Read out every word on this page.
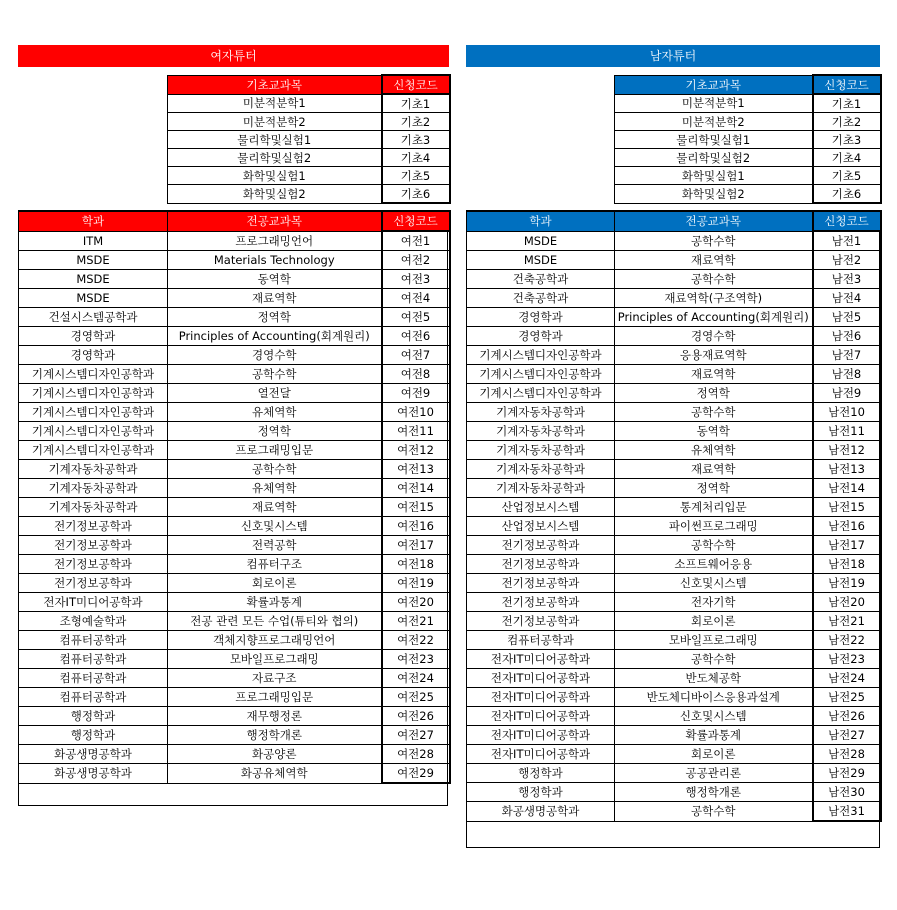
여자튜터	남자튜터
기초교과목	신청코드
미분적분학1	기초1
미분적분학2	기초2
물리학및실험1	기초3
물리학및실험2	기초4
화학및실험1	기초5
화학및실험2	기초6
기초교과목	신청코드
미분적분학1	기초1
미분적분학2	기초2
물리학및실험1	기초3
물리학및실험2	기초4
화학및실험1	기초5
화학및실험2	기초6
학과	전공교과목	신청코드
ITM	프로그래밍언어	여전1
MSDE	Materials Technology	여전2
MSDE	동역학	여전3
MSDE	재료역학	여전4
건설시스템공학과	정역학	여전5
경영학과	Principles of Accounting(회계원리)	여전6
경영학과	경영수학	여전7
기계시스템디자인공학과	공학수학	여전8
기계시스템디자인공학과	열전달	여전9
기계시스템디자인공학과	유체역학	여전10
기계시스템디자인공학과	정역학	여전11
기계시스템디자인공학과	프로그래밍입문	여전12
기계자동차공학과	공학수학	여전13
기계자동차공학과	유체역학	여전14
기계자동차공학과	재료역학	여전15
전기정보공학과	신호및시스템	여전16
전기정보공학과	전력공학	여전17
전기정보공학과	컴퓨터구조	여전18
전기정보공학과	회로이론	여전19
전자IT미디어공학과	확률과통계	여전20
조형예술학과	전공 관련 모든 수업(튜티와 협의)	여전21
컴퓨터공학과	객체지향프로그래밍언어	여전22
컴퓨터공학과	모바일프로그래밍	여전23
컴퓨터공학과	자료구조	여전24
컴퓨터공학과	프로그래밍입문	여전25
행정학과	재무행정론	여전26
행정학과	행정학개론	여전27
화공생명공학과	화공양론	여전28
화공생명공학과	화공유체역학	여전29
학과	전공교과목	신청코드
MSDE	공학수학	남전1
MSDE	재료역학	남전2
건축공학과	공학수학	남전3
건축공학과	재료역학(구조역학)	남전4
경영학과	Principles of Accounting(회계원리)	남전5
경영학과	경영수학	남전6
기계시스템디자인공학과	응용재료역학	남전7
기계시스템디자인공학과	재료역학	남전8
기계시스템디자인공학과	정역학	남전9
기계자동차공학과	공학수학	남전10
기계자동차공학과	동역학	남전11
기계자동차공학과	유체역학	남전12
기계자동차공학과	재료역학	남전13
기계자동차공학과	정역학	남전14
산업정보시스템	통계처리입문	남전15
산업정보시스템	파이썬프로그래밍	남전16
전기정보공학과	공학수학	남전17
전기정보공학과	소프트웨어응용	남전18
전기정보공학과	신호및시스템	남전19
전기정보공학과	전자기학	남전20
전기정보공학과	회로이론	남전21
컴퓨터공학과	모바일프로그래밍	남전22
전자IT미디어공학과	공학수학	남전23
전자IT미디어공학과	반도체공학	남전24
전자IT미디어공학과	반도체디바이스응용과설계	남전25
전자IT미디어공학과	신호및시스템	남전26
전자IT미디어공학과	확률과통계	남전27
전자IT미디어공학과	회로이론	남전28
행정학과	공공관리론	남전29
행정학과	행정학개론	남전30
화공생명공학과	공학수학	남전31
